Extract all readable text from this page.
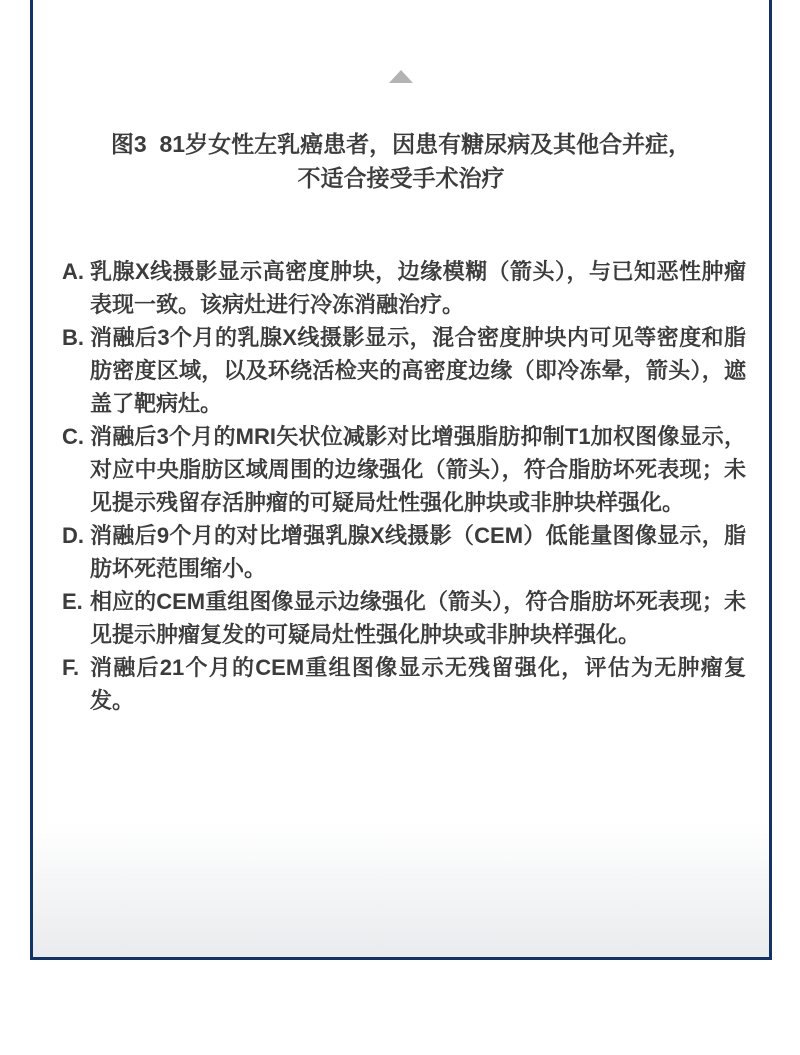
图3  81岁女性左乳癌患者，因患有糖尿病及其他合并症，
不适合接受手术治疗
A. 乳腺X线摄影显示高密度肿块，边缘模糊（箭头），与已知恶性肿瘤表现一致。该病灶进行冷冻消融治疗。
B. 消融后3个月的乳腺X线摄影显示，混合密度肿块内可见等密度和脂肪密度区域，以及环绕活检夹的高密度边缘（即冷冻晕，箭头），遮盖了靶病灶。
C. 消融后3个月的MRI矢状位减影对比增强脂肪抑制T1加权图像显示，对应中央脂肪区域周围的边缘强化（箭头），符合脂肪坏死表现；未见提示残留存活肿瘤的可疑局灶性强化肿块或非肿块样强化。
D. 消融后9个月的对比增强乳腺X线摄影（CEM）低能量图像显示，脂肪坏死范围缩小。
E. 相应的CEM重组图像显示边缘强化（箭头），符合脂肪坏死表现；未见提示肿瘤复发的可疑局灶性强化肿块或非肿块样强化。
F. 消融后21个月的CEM重组图像显示无残留强化，评估为无肿瘤复发。
